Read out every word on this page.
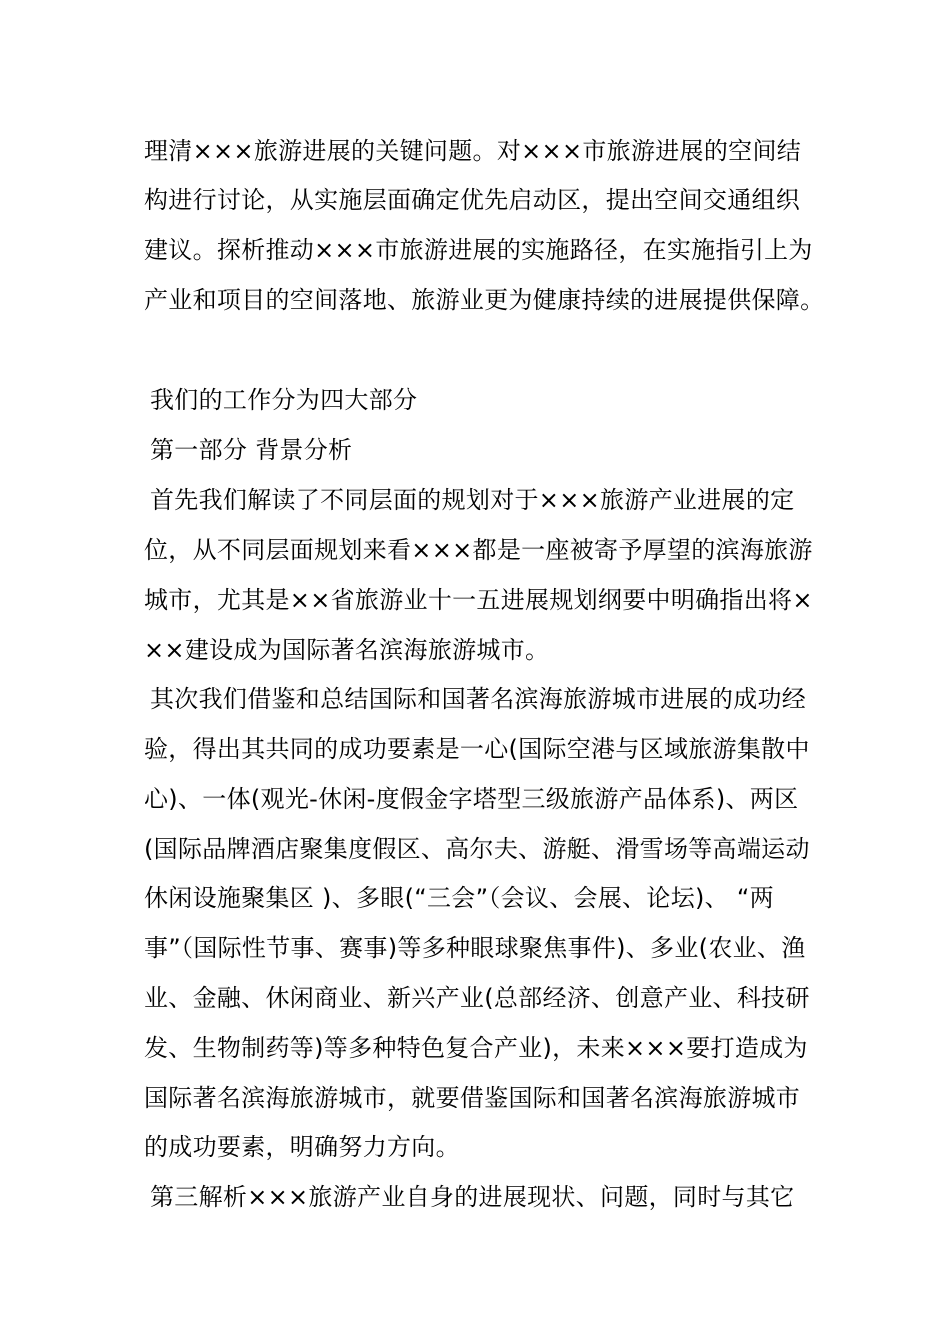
理清×××旅游进展的关键问题。对×××市旅游进展的空间结
构进行讨论，从实施层面确定优先启动区，提出空间交通组织
建议。探析推动×××市旅游进展的实施路径，在实施指引上为
产业和项目的空间落地、旅游业更为健康持续的进展提供保障。
我们的工作分为四大部分
第一部分 背景分析
首先我们解读了不同层面的规划对于×××旅游产业进展的定
位，从不同层面规划来看×××都是一座被寄予厚望的滨海旅游
城市，尤其是××省旅游业十一五进展规划纲要中明确指出将×
××建设成为国际著名滨海旅游城市。
其次我们借鉴和总结国际和国著名滨海旅游城市进展的成功经
验，得出其共同的成功要素是一心(国际空港与区域旅游集散中
心)、一体(观光-休闲-度假金字塔型三级旅游产品体系)、两区
(国际品牌酒店聚集度假区、高尔夫、游艇、滑雪场等高端运动
休闲设施聚集区 )、多眼(“三会”（会议、会展、论坛)、 “两
事”（国际性节事、赛事)等多种眼球聚焦事件)、多业(农业、渔
业、金融、休闲商业、新兴产业(总部经济、创意产业、科技研
发、生物制药等)等多种特色复合产业)，未来×××要打造成为
国际著名滨海旅游城市，就要借鉴国际和国著名滨海旅游城市
的成功要素，明确努力方向。
第三解析×××旅游产业自身的进展现状、问题，同时与其它
